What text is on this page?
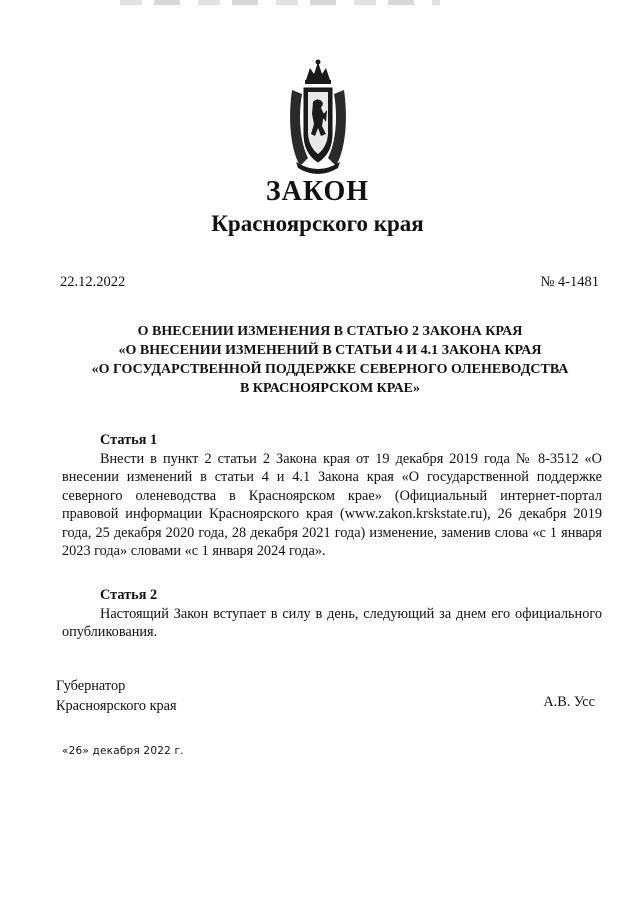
ЗАКОН
Красноярского края
22.12.2022	№ 4-1481
О ВНЕСЕНИИ ИЗМЕНЕНИЯ В СТАТЬЮ 2 ЗАКОНА КРАЯ
«О ВНЕСЕНИИ ИЗМЕНЕНИЙ В СТАТЬИ 4 И 4.1 ЗАКОНА КРАЯ
«О ГОСУДАРСТВЕННОЙ ПОДДЕРЖКЕ СЕВЕРНОГО ОЛЕНЕВОДСТВА
В КРАСНОЯРСКОМ КРАЕ»
Статья 1
Внести в пункт 2 статьи 2 Закона края от 19 декабря 2019 года № 8-3512 «О внесении изменений в статьи 4 и 4.1 Закона края «О государственной поддержке северного оленеводства в Красноярском крае» (Официальный интернет-портал правовой информации Красноярского края (www.zakon.krskstate.ru), 26 декабря 2019 года, 25 декабря 2020 года, 28 декабря 2021 года) изменение, заменив слова «с 1 января 2023 года» словами «с 1 января 2024 года».
Статья 2
Настоящий Закон вступает в силу в день, следующий за днем его официального опубликования.
Губернатор
Красноярского края	А.В. Усс
«26» декабря 2022 г.
